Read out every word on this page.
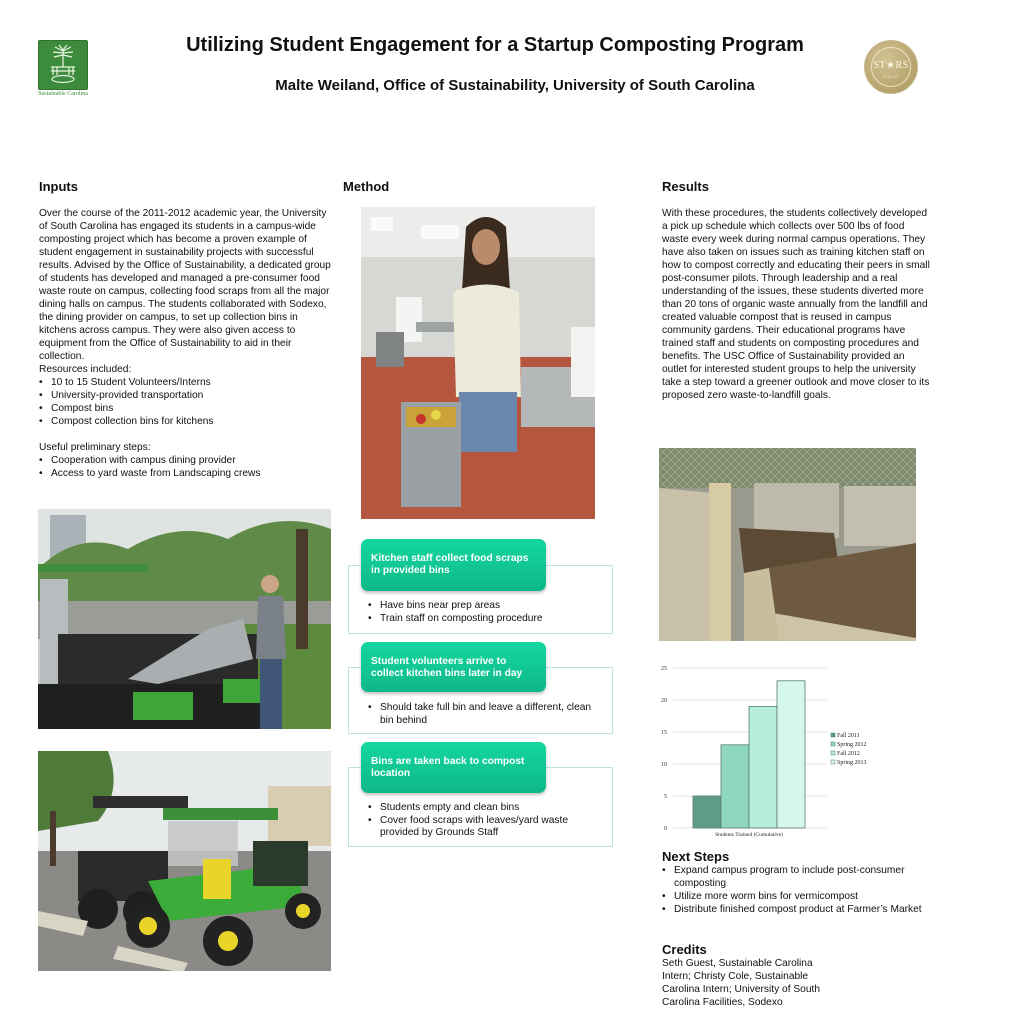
Sustainable Carolina
Utilizing Student Engagement for a Startup Composting Program
Malte Weiland, Office of Sustainability, University of South Carolina
ST★RS
GOLD
Inputs

Over the course of the 2011-2012 academic year, the University of South Carolina has engaged its students in a campus-wide composting project which has become a proven example of student engagement in sustainability projects with successful results. Advised by the Office of Sustainability, a dedicated group of students has developed and managed a pre-consumer food waste route on campus, collecting food scraps from all the major dining halls on campus. The students collaborated with Sodexo, the dining provider on campus, to set up collection bins in kitchens across campus. They were also given access to equipment from the Office of Sustainability to aid in their collection.

Resources included:

• 10 to 15 Student Volunteers/Interns
• University-provided transportation
• Compost bins
• Compost collection bins for kitchens

Useful preliminary steps:

• Cooperation with campus dining provider
• Access to yard waste from Landscaping crews
Method
Kitchen staff collect food scraps in provided bins
• Have bins near prep areas
• Train staff on composting procedure
Student volunteers arrive to collect kitchen bins later in day
• Should take full bin and leave a different, clean bin behind
Bins are taken back to compost location
• Students empty and clean bins
• Cover food scraps with leaves/yard waste provided by Grounds Staff
Results

With these procedures, the students collectively developed a pick up schedule which collects over 500 lbs of food waste every week during normal campus operations. They have also taken on issues such as training kitchen staff on how to compost correctly and educating their peers in small post-consumer pilots. Through leadership and a real understanding of the issues, these students diverted more than 20 tons of organic waste annually from the landfill and created valuable compost that is reused in campus community gardens. Their educational programs have trained staff and students on composting procedures and benefits. The USC Office of Sustainability provided an outlet for interested student groups to help the university take a step toward a greener outlook and move closer to its proposed zero waste-to-landfill goals.

0
5
10
15
20
25
Students Trained (Cumulative)
Fall 2011
Spring 2012
Fall 2012
Spring 2013
Next Steps
• Expand campus program to include post-consumer composting
• Utilize more worm bins for vermicompost
• Distribute finished compost product at Farmer’s Market
Credits

Seth Guest, Sustainable Carolina Intern; Christy Cole, Sustainable Carolina Intern; University of South Carolina Facilities, Sodexo
